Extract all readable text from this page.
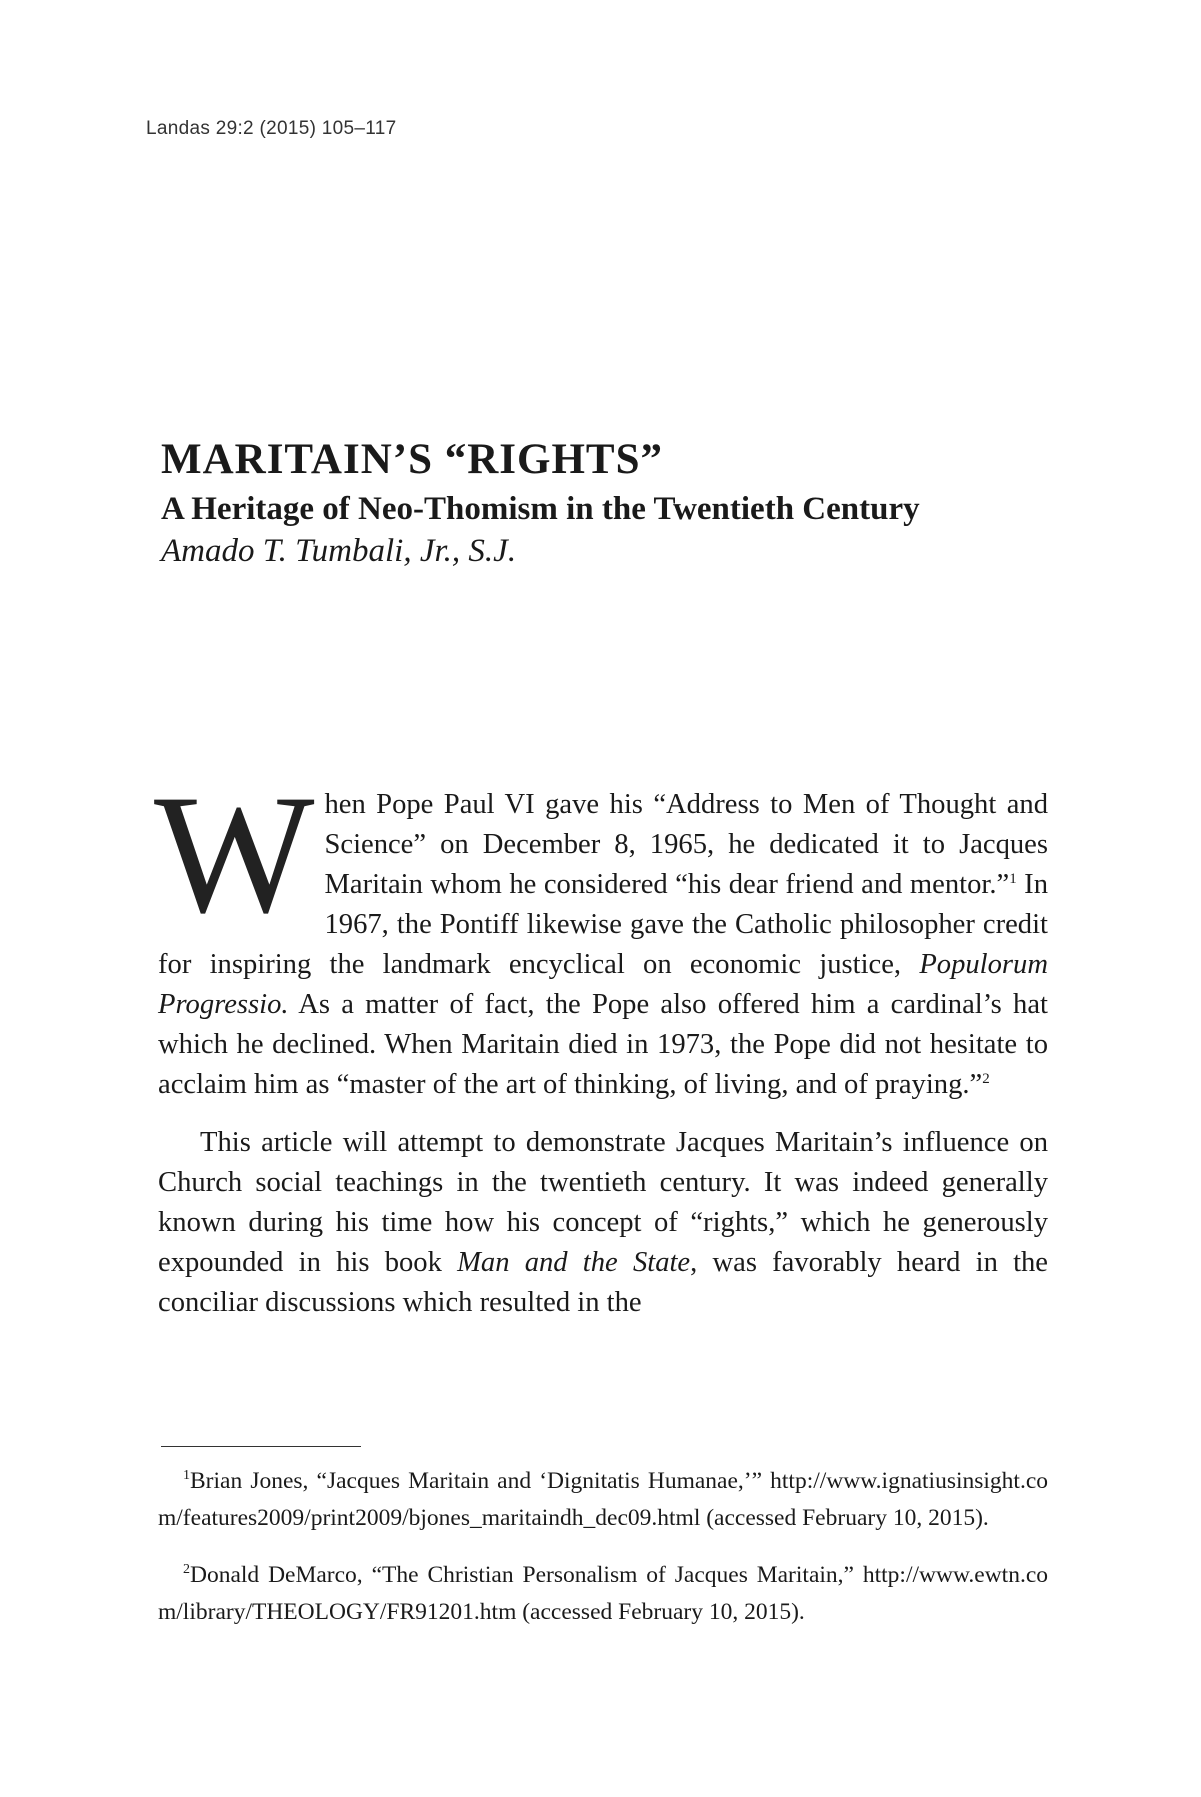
Landas 29:2 (2015) 105–117
MARITAIN’S “RIGHTS”
A Heritage of Neo-Thomism in the Twentieth Century
Amado T. Tumbali, Jr., S.J.

When Pope Paul VI gave his “Address to Men of Thought and Science” on December 8, 1965, he dedicated it to Jacques Maritain whom he considered “his dear friend and mentor.”$^1$ In 1967, the Pontiff likewise gave the Catholic philosopher credit for inspiring the landmark encyclical on economic justice, Populorum Progressio. As a matter of fact, the Pope also offered him a cardinal’s hat which he declined. When Maritain died in 1973, the Pope did not hesitate to acclaim him as “master of the art of thinking, of living, and of praying.”$^2$

This article will attempt to demonstrate Jacques Maritain’s influence on Church social teachings in the twentieth century. It was indeed generally known during his time how his concept of “rights,” which he generously expounded in his book Man and the State, was favorably heard in the conciliar discussions which resulted in the

$^1$Brian Jones, “Jacques Maritain and ‘Dignitatis Humanae,’” http://www.ignatiusinsight.com/features2009/print2009/bjones_maritaindh_dec09.html (accessed February 10, 2015).

$^2$Donald DeMarco, “The Christian Personalism of Jacques Maritain,” http://www.ewtn.com/library/THEOLOGY/FR91201.htm (accessed February 10, 2015).
